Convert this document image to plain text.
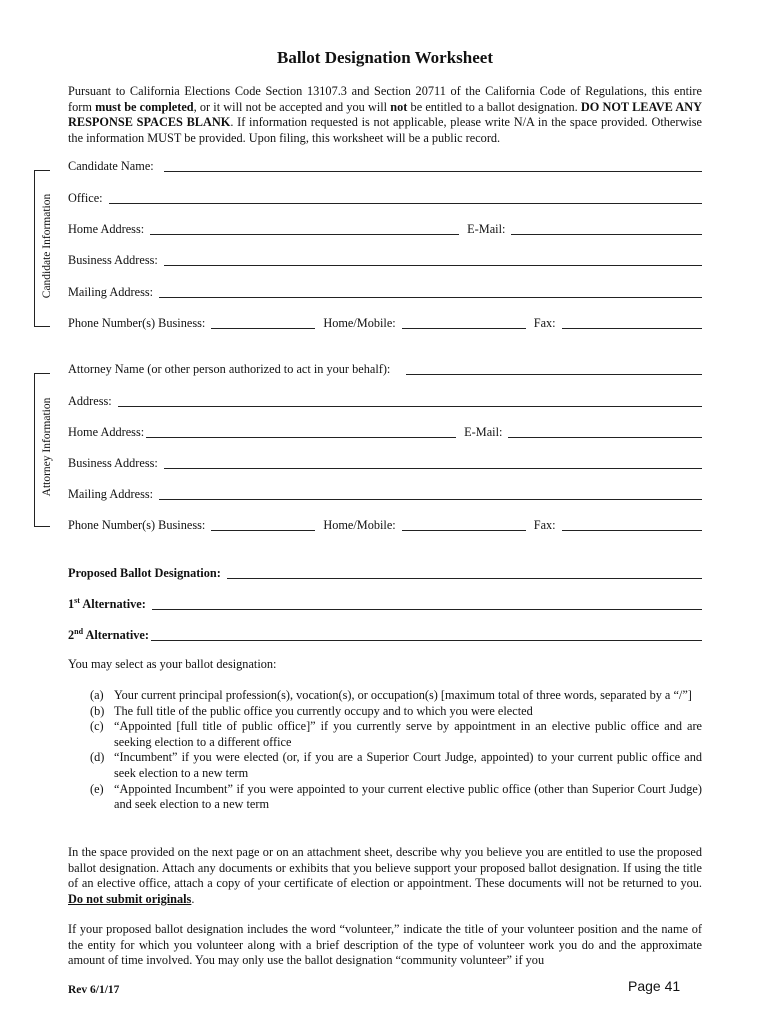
Ballot Designation Worksheet
Pursuant to California Elections Code Section 13107.3 and Section 20711 of the California Code of Regulations, this entire form must be completed, or it will not be accepted and you will not be entitled to a ballot designation. DO NOT LEAVE ANY RESPONSE SPACES BLANK. If information requested is not applicable, please write N/A in the space provided. Otherwise the information MUST be provided. Upon filing, this worksheet will be a public record.
Candidate Information
Candidate Name:
Office:
Home Address:	E-Mail:
Business Address:
Mailing Address:
Phone Number(s) Business:	Home/Mobile:	Fax:
Attorney Information
Attorney Name (or other person authorized to act in your behalf):
Address:
Home Address:	E-Mail:
Business Address:
Mailing Address:
Phone Number(s) Business:	Home/Mobile:	Fax:
Proposed Ballot Designation:
1st Alternative:
2nd Alternative:
You may select as your ballot designation:
(a) Your current principal profession(s), vocation(s), or occupation(s) [maximum total of three words, separated by a “/”]
(b) The full title of the public office you currently occupy and to which you were elected
(c) “Appointed [full title of public office]” if you currently serve by appointment in an elective public office and are seeking election to a different office
(d) “Incumbent” if you were elected (or, if you are a Superior Court Judge, appointed) to your current public office and seek election to a new term
(e) “Appointed Incumbent” if you were appointed to your current elective public office (other than Superior Court Judge) and seek election to a new term
In the space provided on the next page or on an attachment sheet, describe why you believe you are entitled to use the proposed ballot designation. Attach any documents or exhibits that you believe support your proposed ballot designation. If using the title of an elective office, attach a copy of your certificate of election or appointment. These documents will not be returned to you. Do not submit originals.
If your proposed ballot designation includes the word “volunteer,” indicate the title of your volunteer position and the name of the entity for which you volunteer along with a brief description of the type of volunteer work you do and the approximate amount of time involved. You may only use the ballot designation “community volunteer” if you
Rev 6/1/17	Page 41
